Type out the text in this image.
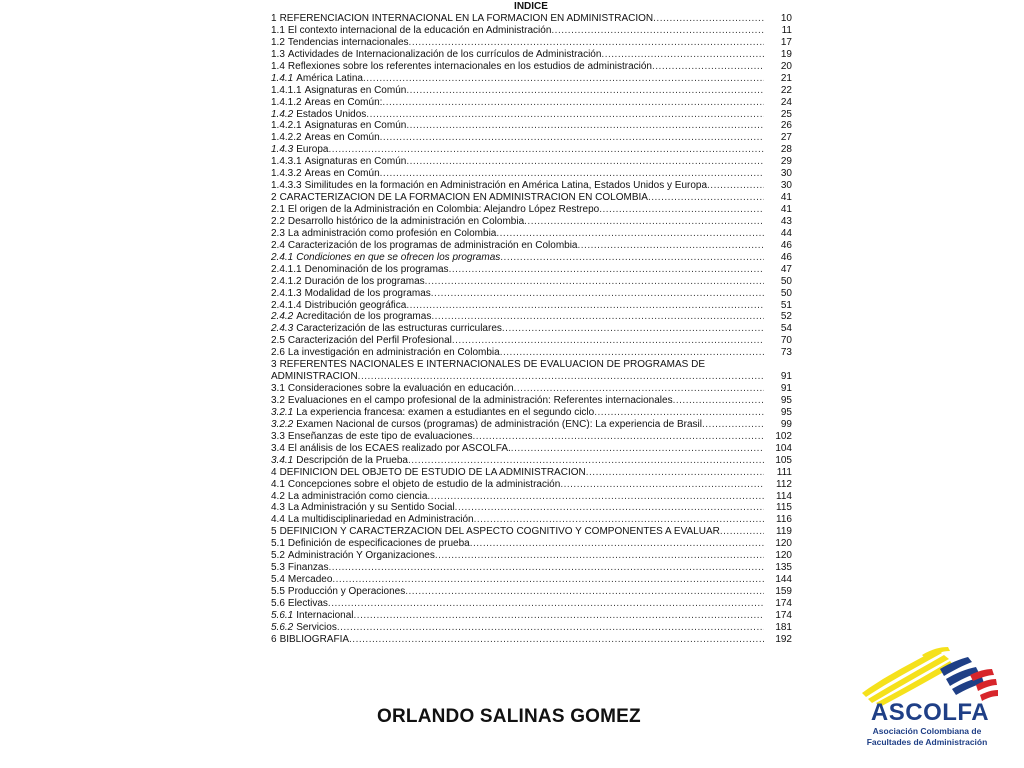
INDICE
1 REFERENCIACION INTERNACIONAL EN LA FORMACION EN ADMINISTRACION .....	10
1.1 El contexto internacional de la educación en Administración .....	11
1.2 Tendencias internacionales .....	17
1.3 Actividades de Internacionalización de los currículos de Administración .....	19
1.4 Reflexiones sobre los referentes internacionales en los estudios de administración .....	20
1.4.1 América Latina .....	21
1.4.1.1 Asignaturas en Común .....	22
1.4.1.2 Áreas en Común: .....	24
1.4.2 Estados Unidos .....	25
1.4.2.1 Asignaturas en Común .....	26
1.4.2.2 Áreas en Común .....	27
1.4.3 Europa .....	28
1.4.3.1 Asignaturas en Común .....	29
1.4.3.2 Áreas en Común .....	30
1.4.3.3 Similitudes en la formación en Administración en América Latina, Estados Unidos y Europa .....	30
2 CARACTERIZACION DE LA FORMACION EN ADMINISTRACION EN COLOMBIA .....	41
2.1 El origen de la Administración en Colombia: Alejandro López Restrepo .....	41
2.2 Desarrollo histórico de la administración en Colombia .....	43
2.3 La administración como profesión en Colombia .....	44
2.4 Caracterización de los programas de administración en Colombia .....	46
2.4.1 Condiciones en que se ofrecen los programas .....	46
2.4.1.1 Denominación de los programas .....	47
2.4.1.2 Duración de los programas .....	50
2.4.1.3 Modalidad de los programas .....	50
2.4.1.4 Distribución geográfica .....	51
2.4.2 Acreditación de los programas .....	52
2.4.3 Caracterización de las estructuras curriculares .....	54
2.5 Caracterización del Perfil Profesional .....	70
2.6 La investigación en administración en Colombia .....	73
3 REFERENTES NACIONALES E INTERNACIONALES DE EVALUACION DE PROGRAMAS DE
ADMINISTRACION .....	91
3.1 Consideraciones sobre la evaluación en educación .....	91
3.2 Evaluaciones en el campo profesional de la administración: Referentes internacionales .....	95
3.2.1 La experiencia francesa: examen a estudiantes en el segundo ciclo .....	95
3.2.2 Examen Nacional de cursos (programas) de administración (ENC): La experiencia de Brasil .....	99
3.3 Enseñanzas de este tipo de evaluaciones .....	102
3.4 El análisis de los ECAES realizado por ASCOLFA. .....	104
3.4.1 Descripción de la Prueba .....	105
4 DEFINICION DEL OBJETO DE ESTUDIO DE LA ADMINISTRACION .....	111
4.1 Concepciones sobre el objeto de estudio de la administración .....	112
4.2 La administración como ciencia .....	114
4.3 La Administración y su Sentido Social .....	115
4.4 La multidisciplinariedad en Administración .....	116
5 DEFINICION Y CARACTERZACION DEL ASPECTO COGNITIVO Y COMPONENTES A EVALUAR .....	119
5.1 Definición de especificaciones de prueba .....	120
5.2 Administración Y Organizaciones .....	120
5.3 Finanzas .....	135
5.4 Mercadeo .....	144
5.5 Producción y Operaciones .....	159
5.6 Electivas .....	174
5.6.1 Internacional .....	174
5.6.2 Servicios .....	181
6 BIBLIOGRAFIA .....	192
ORLANDO SALINAS GOMEZ	ASCOLFA
Asociación Colombiana de
Facultades de Administración
